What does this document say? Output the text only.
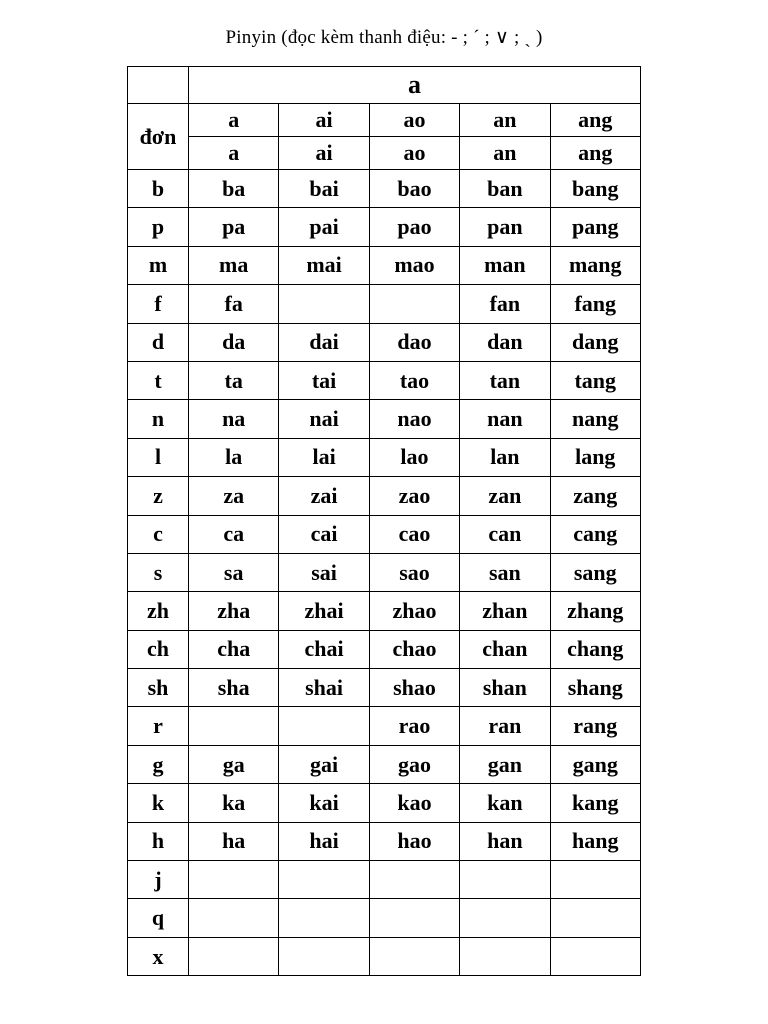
Pinyin (đọc kèm thanh điệu: - ; ˊ ; ∨ ; ˎ )
	a				
đơn	a	ai	ao	an	ang
	a	ai	ao	an	ang
b	ba	bai	bao	ban	bang
p	pa	pai	pao	pan	pang
m	ma	mai	mao	man	mang
f	fa			fan	fang
d	da	dai	dao	dan	dang
t	ta	tai	tao	tan	tang
n	na	nai	nao	nan	nang
l	la	lai	lao	lan	lang
z	za	zai	zao	zan	zang
c	ca	cai	cao	can	cang
s	sa	sai	sao	san	sang
zh	zha	zhai	zhao	zhan	zhang
ch	cha	chai	chao	chan	chang
sh	sha	shai	shao	shan	shang
r			rao	ran	rang
g	ga	gai	gao	gan	gang
k	ka	kai	kao	kan	kang
h	ha	hai	hao	han	hang
j					
q					
x					
